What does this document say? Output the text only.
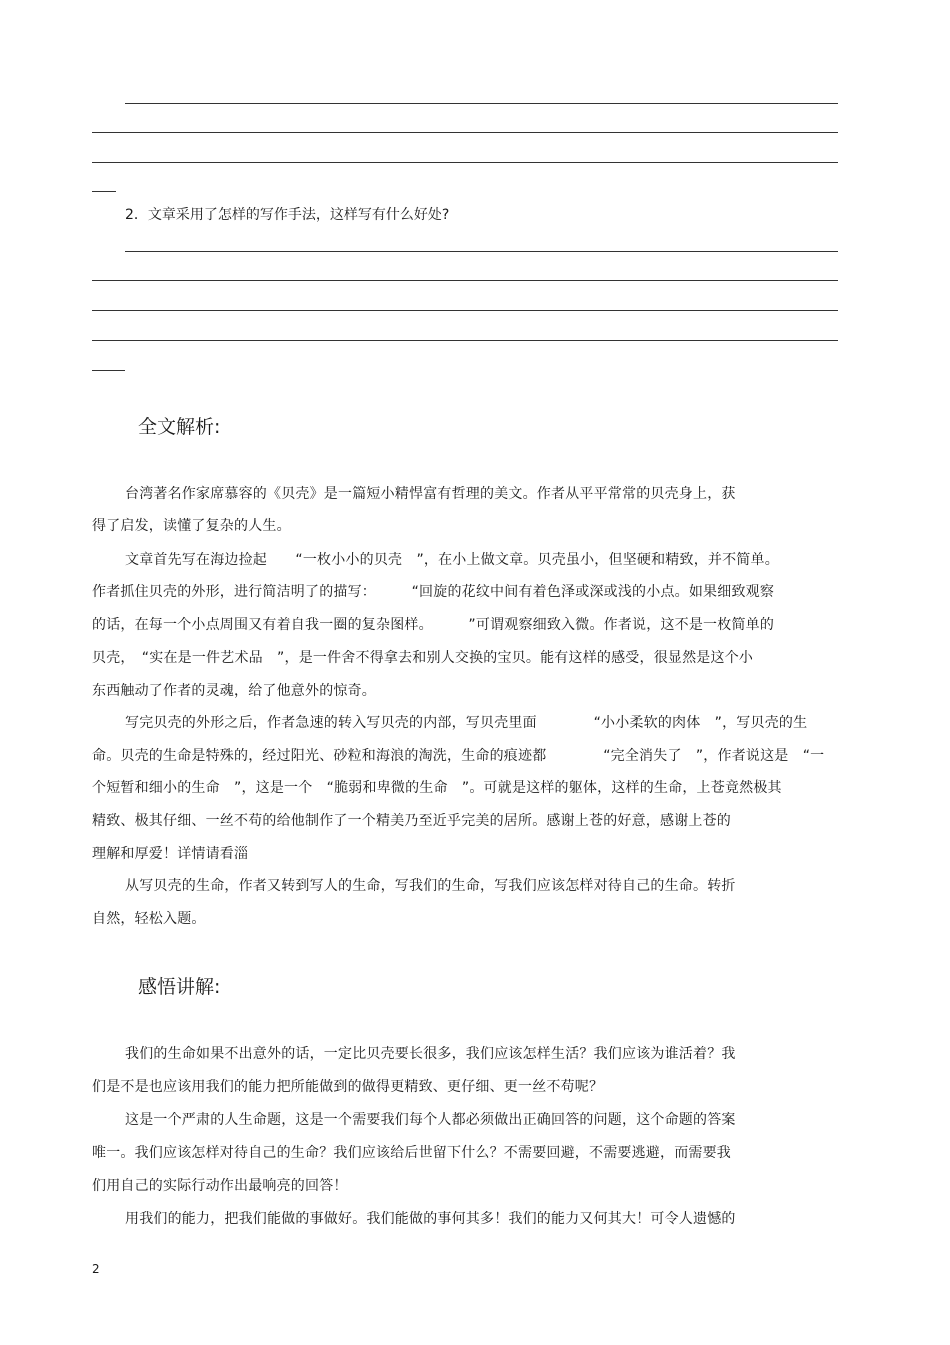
2．文章采用了怎样的写作手法，这样写有什么好处?
全文解析:
台湾著名作家席慕容的《贝壳》是一篇短小精悍富有哲理的美文。作者从平平常常的贝壳身上，获
得了启发，读懂了复杂的人生。
文章首先写在海边捡起　　“一枚小小的贝壳　”，在小上做文章。贝壳虽小，但坚硬和精致，并不简单。
作者抓住贝壳的外形，进行简洁明了的描写：　　　“回旋的花纹中间有着色泽或深或浅的小点。如果细致观察
的话，在每一个小点周围又有着自我一圈的复杂图样。　　　”可谓观察细致入微。作者说，这不是一枚简单的
贝壳，　“实在是一件艺术品　”，是一件舍不得拿去和别人交换的宝贝。能有这样的感受，很显然是这个小
东西触动了作者的灵魂，给了他意外的惊奇。
写完贝壳的外形之后，作者急速的转入写贝壳的内部，写贝壳里面　　　　“小小柔软的肉体　”，写贝壳的生
命。贝壳的生命是特殊的，经过阳光、砂粒和海浪的淘洗，生命的痕迹都　　　　“完全消失了　”，作者说这是　“一
个短暂和细小的生命　”，这是一个　“脆弱和卑微的生命　”。可就是这样的躯体，这样的生命，上苍竟然极其
精致、极其仔细、一丝不苟的给他制作了一个精美乃至近乎完美的居所。感谢上苍的好意，感谢上苍的
理解和厚爱！详情请看淄
从写贝壳的生命，作者又转到写人的生命，写我们的生命，写我们应该怎样对待自己的生命。转折
自然，轻松入题。
感悟讲解:
我们的生命如果不出意外的话，一定比贝壳要长很多，我们应该怎样生活？我们应该为谁活着？我
们是不是也应该用我们的能力把所能做到的做得更精致、更仔细、更一丝不苟呢？
这是一个严肃的人生命题，这是一个需要我们每个人都必须做出正确回答的问题，这个命题的答案
唯一。我们应该怎样对待自己的生命？我们应该给后世留下什么？不需要回避，不需要逃避，而需要我
们用自己的实际行动作出最响亮的回答！
用我们的能力，把我们能做的事做好。我们能做的事何其多！我们的能力又何其大！可令人遗憾的
2
